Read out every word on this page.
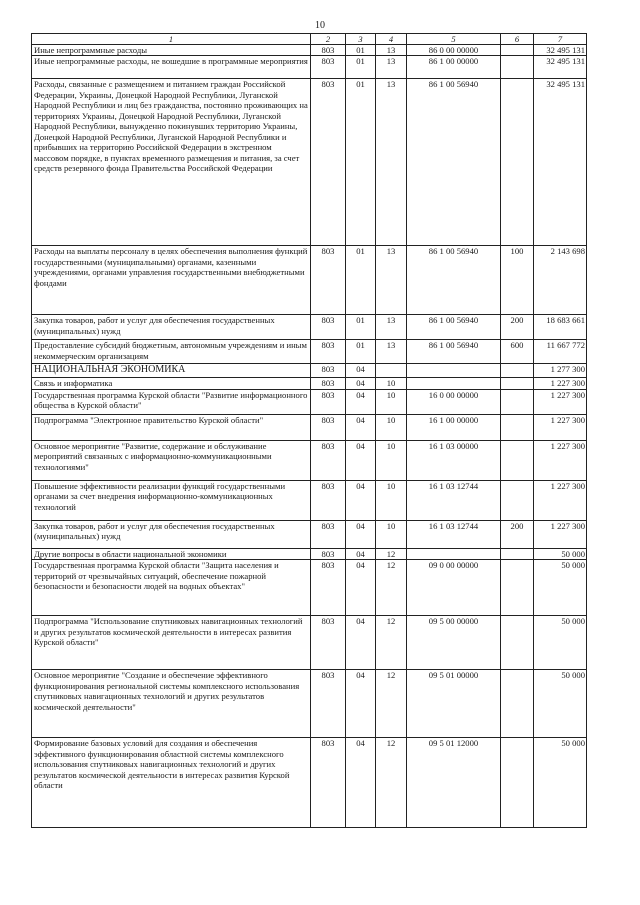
10
1	2	3	4	5	6	7
Иные непрограммные расходы	803	01	13	86 0 00 00000		32 495 131
Иные непрограммные расходы, не вошедшие в программные мероприятия	803	01	13	86 1 00 00000		32 495 131
Расходы, связанные с размещением и питанием граждан Российской Федерации, Украины, Донецкой Народной Республики, Луганской Народной Республики и лиц без гражданства, постоянно проживающих на территориях Украины, Донецкой Народной Республики, Луганской Народной Республики, вынужденно покинувших территорию Украины, Донецкой Народной Республики, Луганской Народной Республики и прибывших на территорию Российской Федерации в экстренном массовом порядке, в пунктах временного размещения и питания, за счет средств резервного фонда Правительства Российской Федерации	803	01	13	86 1 00 56940		32 495 131
Расходы на выплаты персоналу в целях обеспечения выполнения функций государственными (муниципальными) органами, казенными учреждениями, органами управления государственными внебюджетными фондами	803	01	13	86 1 00 56940	100	2 143 698
Закупка товаров, работ и услуг для обеспечения государственных (муниципальных) нужд	803	01	13	86 1 00 56940	200	18 683 661
Предоставление субсидий бюджетным, автономным учреждениям и иным некоммерческим организациям	803	01	13	86 1 00 56940	600	11 667 772
НАЦИОНАЛЬНАЯ ЭКОНОМИКА	803	04				1 277 300
Связь и информатика	803	04	10			1 227 300
Государственная программа Курской области "Развитие информационного общества в Курской области"	803	04	10	16 0 00 00000		1 227 300
Подпрограмма "Электронное правительство Курской области"	803	04	10	16 1 00 00000		1 227 300
Основное мероприятие "Развитие, содержание и обслуживание мероприятий связанных с информационно-коммуникационными технологиями"	803	04	10	16 1 03 00000		1 227 300
Повышение эффективности реализации функций государственными органами за счет внедрения информационно-коммуникационных технологий	803	04	10	16 1 03 12744		1 227 300
Закупка товаров, работ и услуг для обеспечения государственных (муниципальных) нужд	803	04	10	16 1 03 12744	200	1 227 300
Другие вопросы в области национальной экономики	803	04	12			50 000
Государственная программа Курской области "Защита населения и территорий от чрезвычайных ситуаций, обеспечение пожарной безопасности и безопасности людей на водных объектах"	803	04	12	09 0 00 00000		50 000
Подпрограмма "Использование спутниковых навигационных технологий и других результатов космической деятельности в интересах развития Курской области"	803	04	12	09 5 00 00000		50 000
Основное мероприятие "Создание и обеспечение эффективного функционирования региональной системы комплексного использования спутниковых навигационных технологий и других результатов космической деятельности"	803	04	12	09 5 01 00000		50 000
Формирование базовых условий для создания и обеспечения эффективного функционирования областной системы комплексного использования спутниковых навигационных технологий и других результатов космической деятельности в интересах развития Курской области	803	04	12	09 5 01 12000		50 000
